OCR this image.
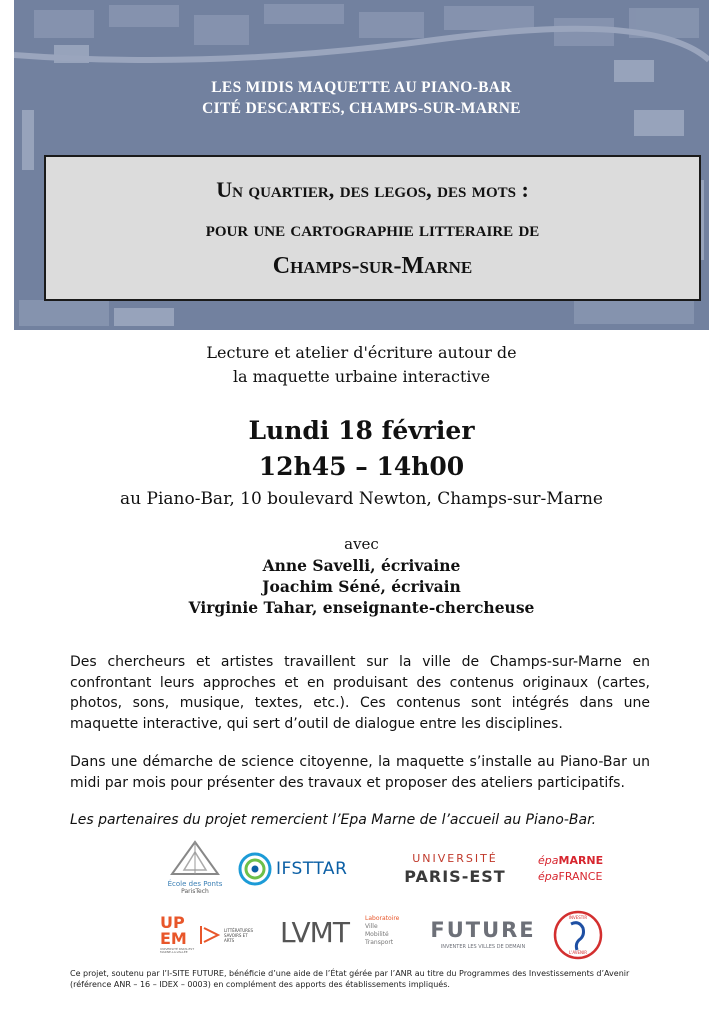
LES MIDIS MAQUETTE AU PIANO-BAR
CITÉ DESCARTES, CHAMPS-SUR-MARNE
Un quartier, des legos, des mots :
pour une cartographie litteraire de
Champs-sur-Marne
Lecture et atelier d'écriture autour de
la maquette urbaine interactive
Lundi 18 février
12h45 – 14h00
au Piano-Bar, 10 boulevard Newton, Champs-sur-Marne
avec
Anne Savelli, écrivaine
Joachim Séné, écrivain
Virginie Tahar, enseignante-chercheuse
Des chercheurs et artistes travaillent sur la ville de Champs-sur-Marne en confrontant leurs approches et en produisant des contenus originaux (cartes, photos, sons, musique, textes, etc.). Ces contenus sont intégrés dans une maquette interactive, qui sert d’outil de dialogue entre les disciplines.
Dans une démarche de science citoyenne, la maquette s’installe au Piano-Bar un midi par mois pour présenter des travaux et proposer des ateliers participatifs.
Les partenaires du projet remercient l’Epa Marne de l’accueil au Piano-Bar.
École des Ponts
ParisTech
IFSTTAR
UNIVERSITÉ
PARIS-EST
épaMARNE
épaFRANCE
UP
EM
UNIVERSITÉ PARIS-EST MARNE-LA-VALLÉE
LITTÉRATURES
SAVOIRS ET
ARTS	LVMT	Laboratoire
Ville
Mobilité
Transport
FUTURE
INVENTER LES VILLES DE DEMAIN
INVESTIR
L'AVENIR
Ce projet, soutenu par l’I-SITE FUTURE, bénéficie d’une aide de l’État gérée par l’ANR au titre du Programmes des Investissements d’Avenir
(référence ANR – 16 – IDEX – 0003) en complément des apports des établissements impliqués.
